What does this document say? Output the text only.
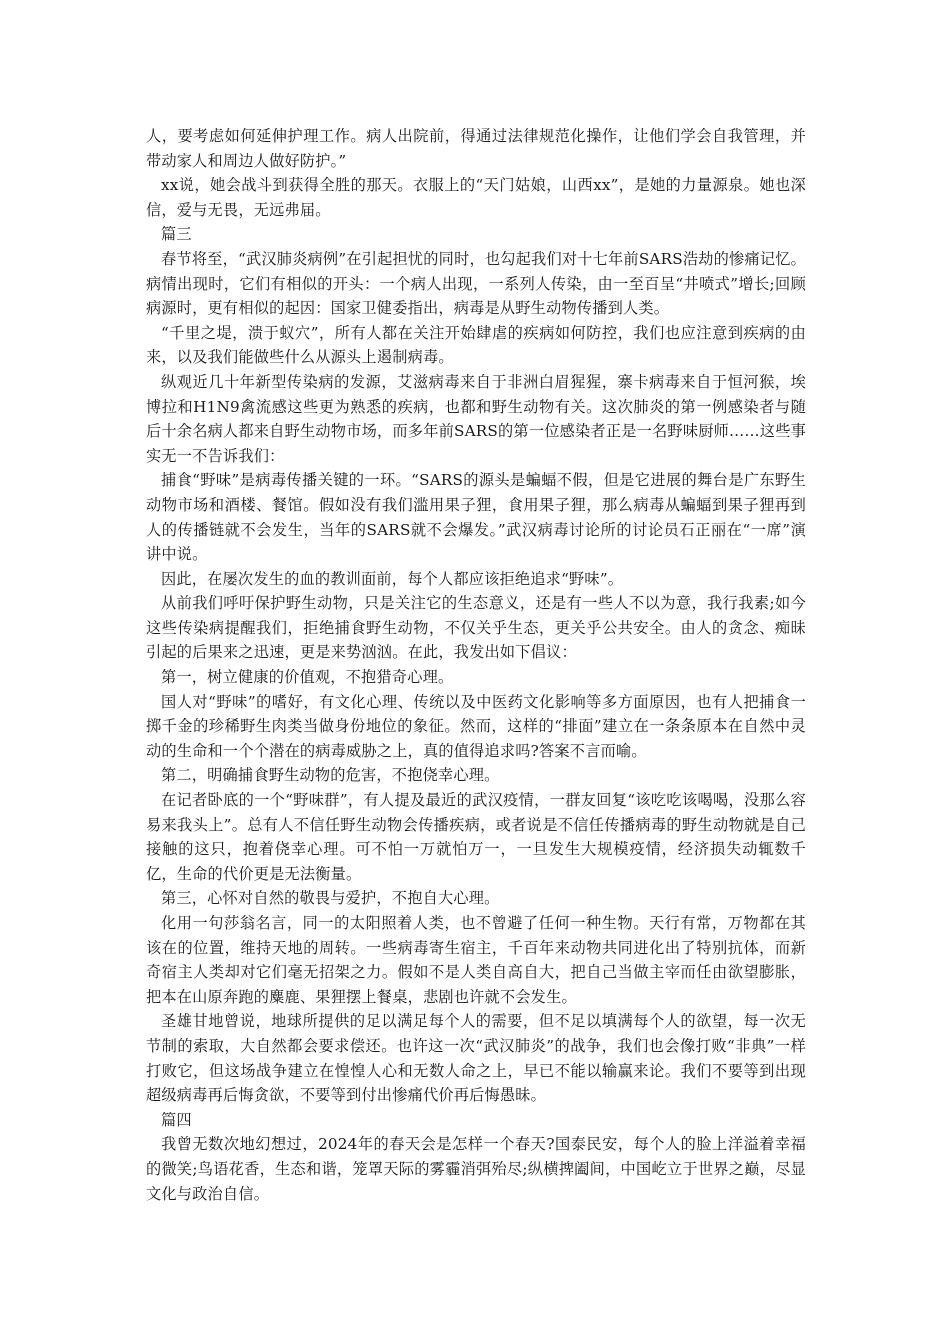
人，要考虑如何延伸护理工作。病人出院前，得通过法律规范化操作，让他们学会自我管理，并带动家人和周边人做好防护。”

xx说，她会战斗到获得全胜的那天。衣服上的“天门姑娘，山西xx”，是她的力量源泉。她也深信，爱与无畏，无远弗届。

篇三

春节将至，“武汉肺炎病例”在引起担忧的同时，也勾起我们对十七年前SARS浩劫的惨痛记忆。病情出现时，它们有相似的开头：一个病人出现，一系列人传染，由一至百呈“井喷式”增长;回顾病源时，更有相似的起因：国家卫健委指出，病毒是从野生动物传播到人类。

“千里之堤，溃于蚁穴”，所有人都在关注开始肆虐的疾病如何防控，我们也应注意到疾病的由来，以及我们能做些什么从源头上遏制病毒。

纵观近几十年新型传染病的发源，艾滋病毒来自于非洲白眉猩猩，寨卡病毒来自于恒河猴，埃博拉和H1N9禽流感这些更为熟悉的疾病，也都和野生动物有关。这次肺炎的第一例感染者与随后十余名病人都来自野生动物市场，而多年前SARS的第一位感染者正是一名野味厨师……这些事实无一不告诉我们：

捕食“野味”是病毒传播关键的一环。“SARS的源头是蝙蝠不假，但是它进展的舞台是广东野生动物市场和酒楼、餐馆。假如没有我们滥用果子狸，食用果子狸，那么病毒从蝙蝠到果子狸再到人的传播链就不会发生，当年的SARS就不会爆发。”武汉病毒讨论所的讨论员石正丽在“一席”演讲中说。

因此，在屡次发生的血的教训面前，每个人都应该拒绝追求“野味”。

从前我们呼吁保护野生动物，只是关注它的生态意义，还是有一些人不以为意，我行我素;如今这些传染病提醒我们，拒绝捕食野生动物，不仅关乎生态，更关乎公共安全。由人的贪念、痴昧引起的后果来之迅速，更是来势汹汹。在此，我发出如下倡议：

第一，树立健康的价值观，不抱猎奇心理。

国人对“野味”的嗜好，有文化心理、传统以及中医药文化影响等多方面原因，也有人把捕食一掷千金的珍稀野生肉类当做身份地位的象征。然而，这样的“排面”建立在一条条原本在自然中灵动的生命和一个个潜在的病毒威胁之上，真的值得追求吗?答案不言而喻。

第二，明确捕食野生动物的危害，不抱侥幸心理。

在记者卧底的一个“野味群”，有人提及最近的武汉疫情，一群友回复“该吃吃该喝喝，没那么容易来我头上”。总有人不信任野生动物会传播疾病，或者说是不信任传播病毒的野生动物就是自己接触的这只，抱着侥幸心理。可不怕一万就怕万一，一旦发生大规模疫情，经济损失动辄数千亿，生命的代价更是无法衡量。

第三，心怀对自然的敬畏与爱护，不抱自大心理。

化用一句莎翁名言，同一的太阳照着人类，也不曾避了任何一种生物。天行有常，万物都在其该在的位置，维持天地的周转。一些病毒寄生宿主，千百年来动物共同进化出了特别抗体，而新奇宿主人类却对它们毫无招架之力。假如不是人类自高自大，把自己当做主宰而任由欲望膨胀，把本在山原奔跑的麋鹿、果狸摆上餐桌，悲剧也许就不会发生。

圣雄甘地曾说，地球所提供的足以满足每个人的需要，但不足以填满每个人的欲望，每一次无节制的索取，大自然都会要求偿还。也许这一次“武汉肺炎”的战争，我们也会像打败“非典”一样打败它，但这场战争建立在惶惶人心和无数人命之上，早已不能以输赢来论。我们不要等到出现超级病毒再后悔贪欲，不要等到付出惨痛代价再后悔愚昧。

篇四

我曾无数次地幻想过，2024年的春天会是怎样一个春天?国泰民安，每个人的脸上洋溢着幸福的微笑;鸟语花香，生态和谐，笼罩天际的雾霾消弭殆尽;纵横捭阖间，中国屹立于世界之巅，尽显文化与政治自信。
